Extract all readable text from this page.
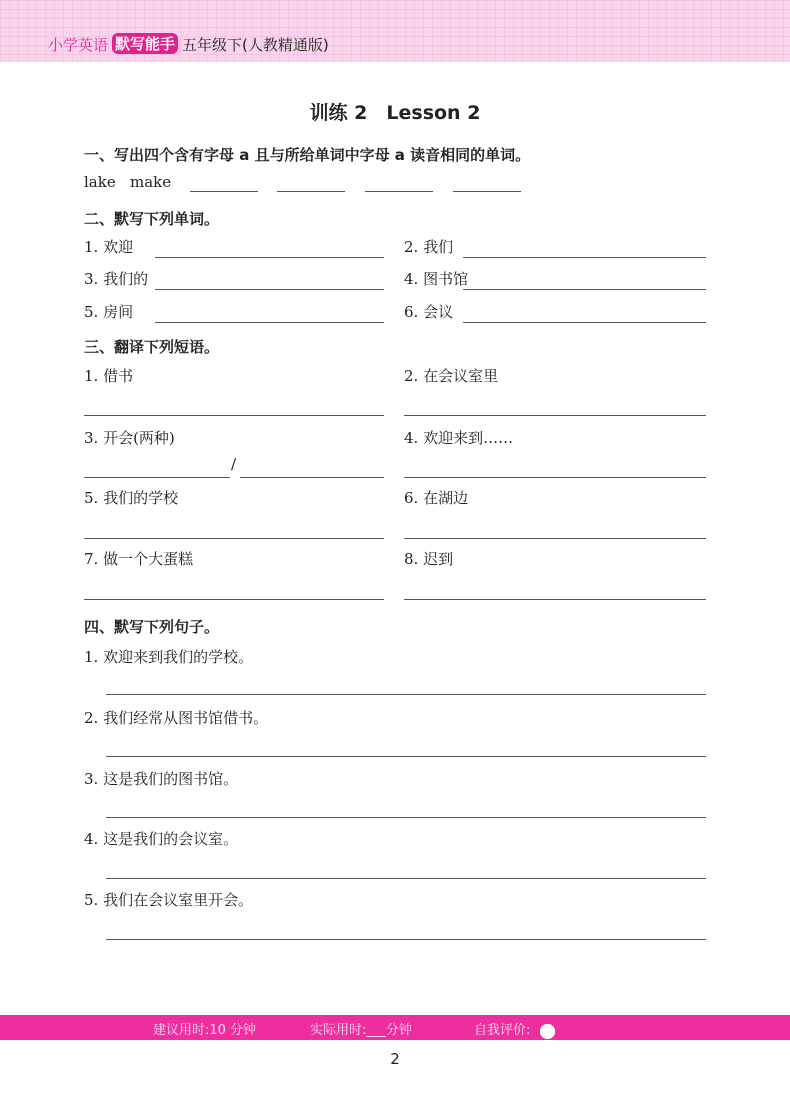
小学英语 默写能手 五年级下(人教精通版)
训练 2　Lesson 2
一、写出四个含有字母 a 且与所给单词中字母 a 读音相同的单词。
lake make
二、默写下列单词。
三、翻译下列短语。
/
四、默写下列句子。
建议用时:10 分钟	实际用时:___分钟	自我评价:
2
1. 欢迎	2. 我们
3. 我们的	4. 图书馆
5. 房间	6. 会议
1. 借书	2. 在会议室里
3. 开会(两种)	4. 欢迎来到……
5. 我们的学校	6. 在湖边
7. 做一个大蛋糕	8. 迟到
1. 欢迎来到我们的学校。
2. 我们经常从图书馆借书。
3. 这是我们的图书馆。
4. 这是我们的会议室。
5. 我们在会议室里开会。
